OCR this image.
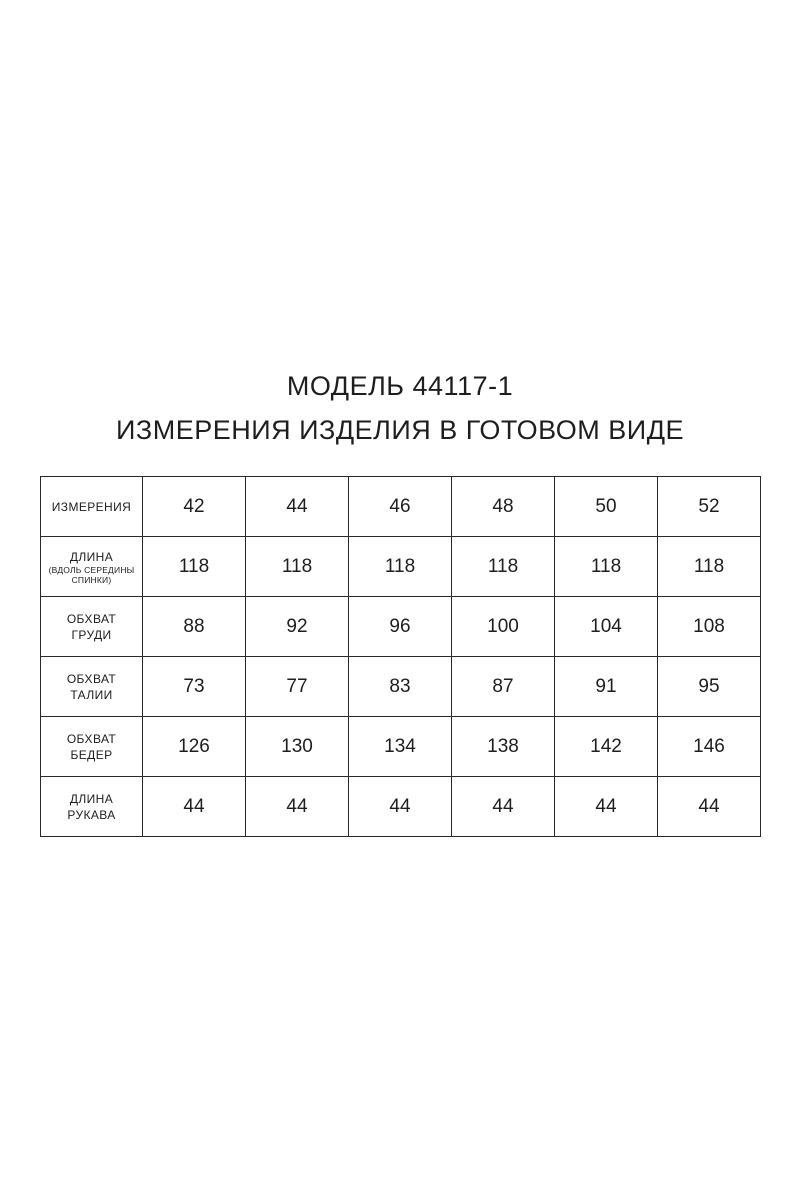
МОДЕЛЬ 44117-1
ИЗМЕРЕНИЯ ИЗДЕЛИЯ В ГОТОВОМ ВИДЕ
ИЗМЕРЕНИЯ	42	44	46	48	50	52

ДЛИНА
(ВДОЛЬ СЕРЕДИНЫ
СПИНКИ)	118	118	118	118	118	118

ОБХВАТ
ГРУДИ	88	92	96	100	104	108

ОБХВАТ
ТАЛИИ	73	77	83	87	91	95

ОБХВАТ
БЕДЕР	126	130	134	138	142	146

ДЛИНА
РУКАВА	44	44	44	44	44	44
